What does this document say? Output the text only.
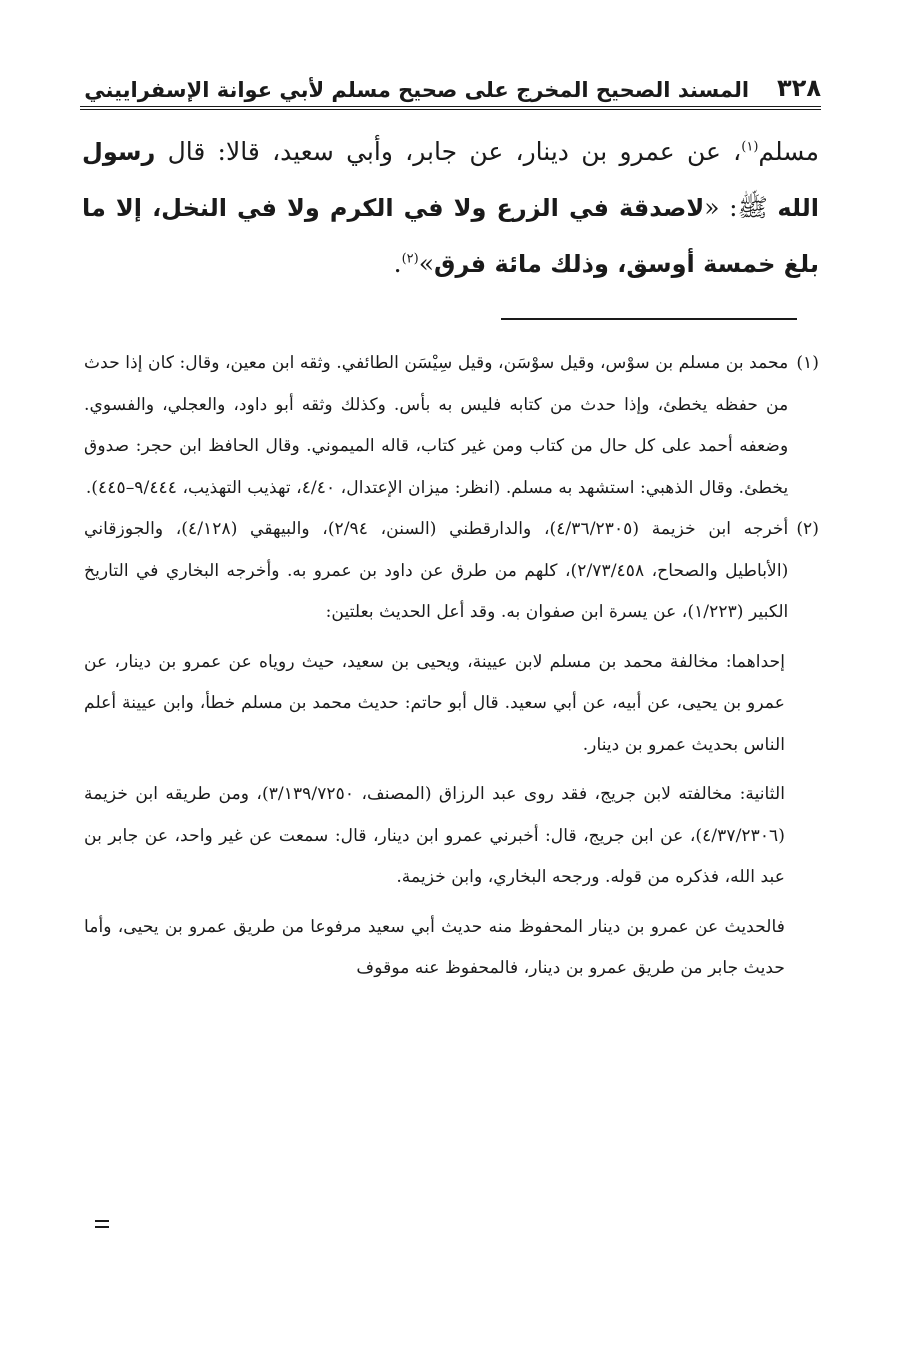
٣٢٨
المسند الصحيح المخرج على صحيح مسلم لأبي عوانة الإسفراييني

مسلم$^{(١)}$، عن عمرو بن دينار، عن جابر، وأبي سعيد، قالا: قال رسول الله ﷺ: «لاصدقة في الزرع ولا في الكرم ولا في النخل، إلا ما بلغ خمسة أوسق، وذلك مائة فرق»$^{(٢)}$.

(١)
محمد بن مسلم بن سوْس، وقيل سوْسَن، وقيل سِيْسَن الطائفي. وثقه ابن معين، وقال: كان إذا حدث من حفظه يخطئ، وإذا حدث من كتابه فليس به بأس. وكذلك وثقه أبو داود، والعجلي، والفسوي. وضعفه أحمد على كل حال من كتاب ومن غير كتاب، قاله الميموني. وقال الحافظ ابن حجر: صدوق يخطئ. وقال الذهبي: استشهد به مسلم. (انظر: ميزان الإعتدال، ٤/٤٠، تهذيب التهذيب، ٩/٤٤٤–٤٤٥).

(٢)
أخرجه ابن خزيمة (٤/٣٦/٢٣٠٥)، والدارقطني (السنن، ٢/٩٤)، والبيهقي (٤/١٢٨)، والجوزقاني (الأباطيل والصحاح، ٢/٧٣/٤٥٨)، كلهم من طرق عن داود بن عمرو به. وأخرجه البخاري في التاريخ الكبير (١/٢٢٣)، عن يسرة ابن صفوان به. وقد أعل الحديث بعلتين:

إحداهما: مخالفة محمد بن مسلم لابن عيينة، ويحيى بن سعيد، حيث روياه عن عمرو بن دينار، عن عمرو بن يحيى، عن أبيه، عن أبي سعيد. قال أبو حاتم: حديث محمد بن مسلم خطأ، وابن عيينة أعلم الناس بحديث عمرو بن دينار.

الثانية: مخالفته لابن جريج، فقد روى عبد الرزاق (المصنف، ٣/١٣٩/٧٢٥٠)، ومن طريقه ابن خزيمة (٤/٣٧/٢٣٠٦)، عن ابن جريج، قال: أخبرني عمرو ابن دينار، قال: سمعت عن غير واحد، عن جابر بن عبد الله، فذكره من قوله. ورجحه البخاري، وابن خزيمة.

فالحديث عن عمرو بن دينار المحفوظ منه حديث أبي سعيد مرفوعا من طريق عمرو بن يحيى، وأما حديث جابر من طريق عمرو بن دينار، فالمحفوظ عنه موقوف
